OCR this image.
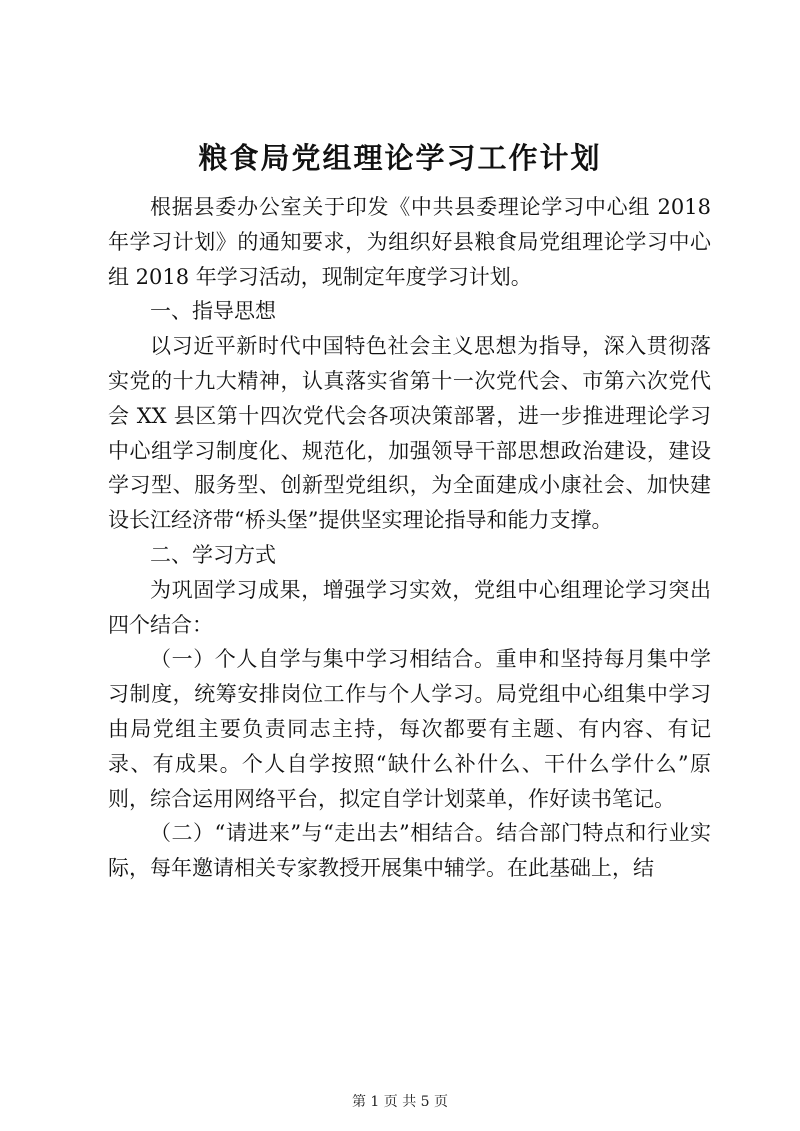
粮食局党组理论学习工作计划

根据县委办公室关于印发《中共县委理论学习中心组 2018 年学习计划》的通知要求，为组织好县粮食局党组理论学习中心组 2018 年学习活动，现制定年度学习计划。

一、指导思想

以习近平新时代中国特色社会主义思想为指导，深入贯彻落实党的十九大精神，认真落实省第十一次党代会、市第六次党代会 XX 县区第十四次党代会各项决策部署，进一步推进理论学习中心组学习制度化、规范化，加强领导干部思想政治建设，建设学习型、服务型、创新型党组织，为全面建成小康社会、加快建设长江经济带“桥头堡”提供坚实理论指导和能力支撑。

二、学习方式

为巩固学习成果，增强学习实效，党组中心组理论学习突出四个结合：

（一）个人自学与集中学习相结合。重申和坚持每月集中学习制度，统筹安排岗位工作与个人学习。局党组中心组集中学习由局党组主要负责同志主持，每次都要有主题、有内容、有记录、有成果。个人自学按照“缺什么补什么、干什么学什么”原则，综合运用网络平台，拟定自学计划菜单，作好读书笔记。

（二）“请进来”与“走出去”相结合。结合部门特点和行业实际，每年邀请相关专家教授开展集中辅学。在此基础上，结

第 1 页 共 5 页
